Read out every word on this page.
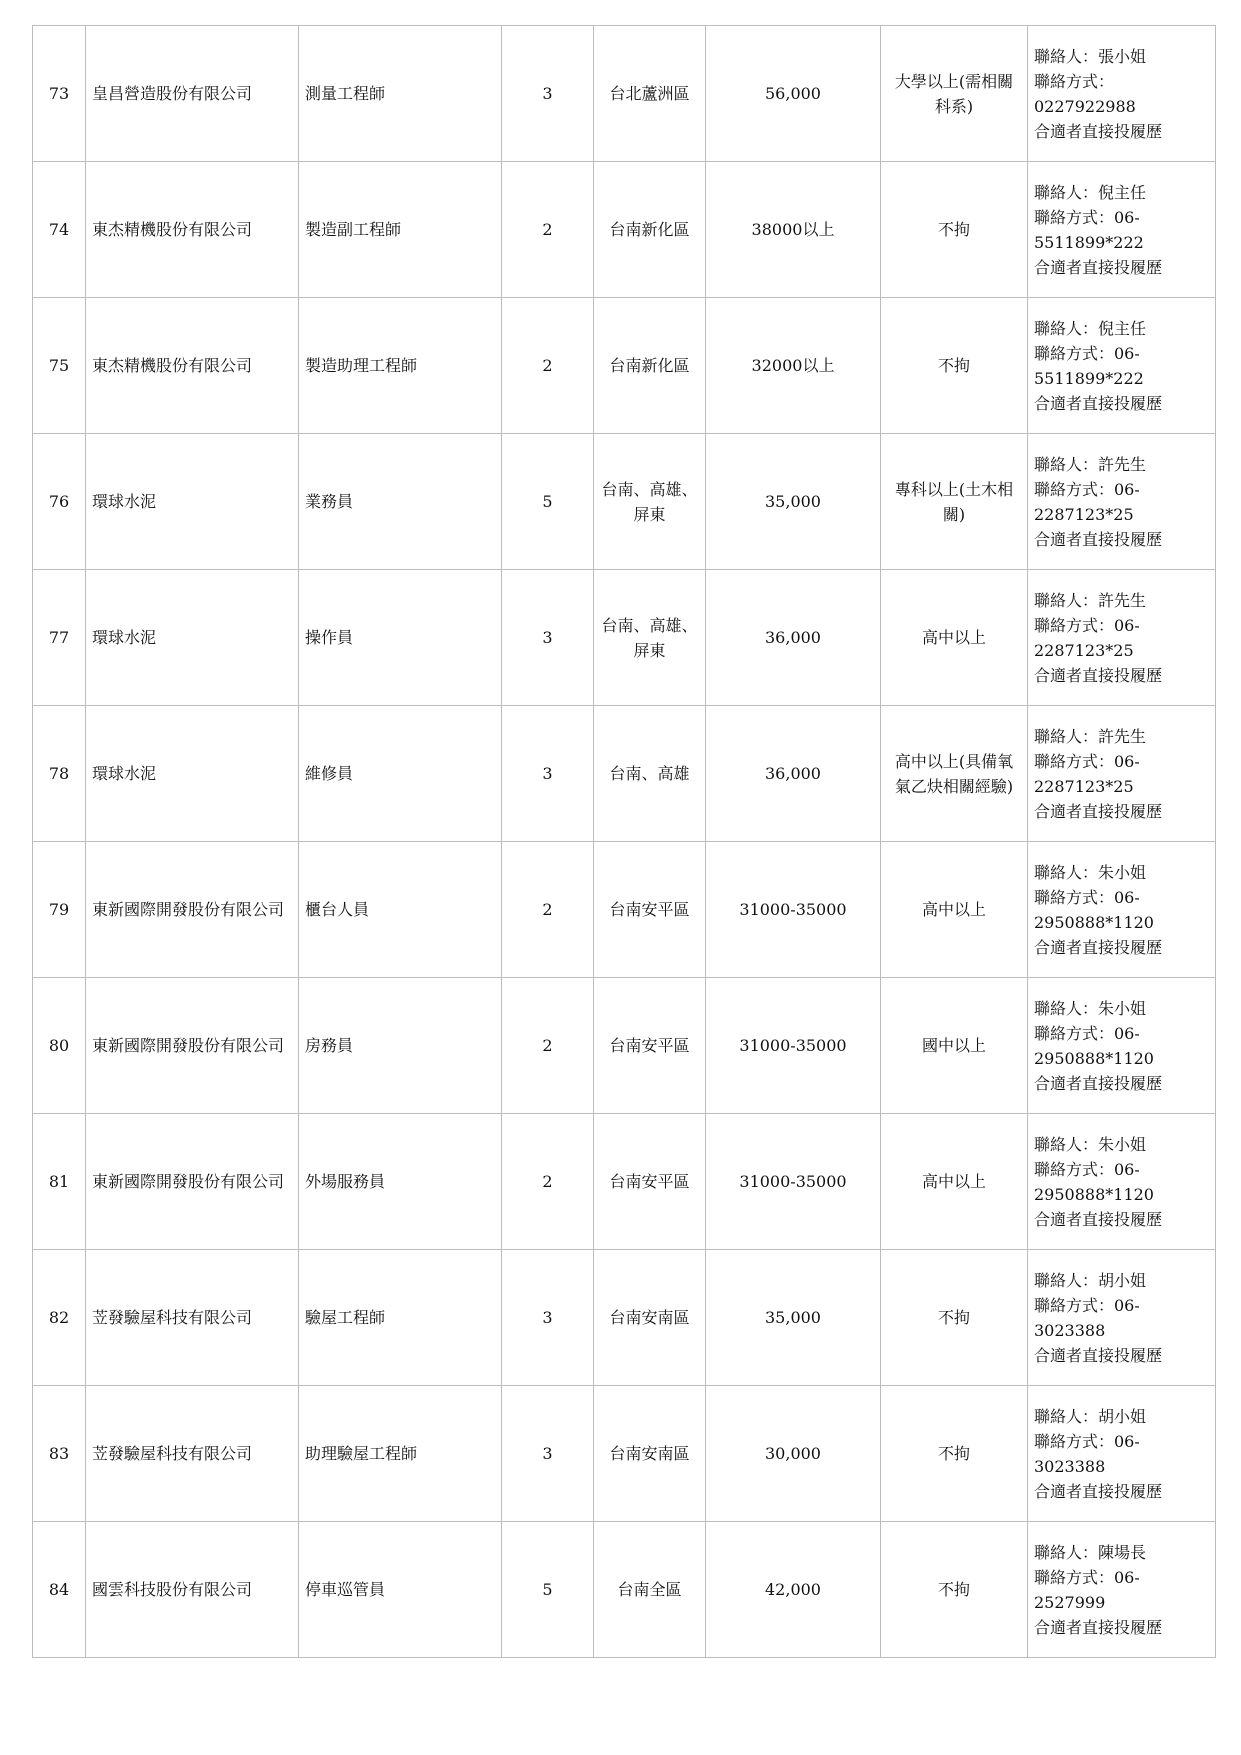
73	皇昌營造股份有限公司	測量工程師	3	台北蘆洲區	56,000	大學以上(需相關科系)	聯絡人：張小姐
聯絡方式：
0227922988
合適者直接投履歷

74	東杰精機股份有限公司	製造副工程師	2	台南新化區	38000以上	不拘	聯絡人：倪主任
聯絡方式：06-
5511899*222
合適者直接投履歷

75	東杰精機股份有限公司	製造助理工程師	2	台南新化區	32000以上	不拘	聯絡人：倪主任
聯絡方式：06-
5511899*222
合適者直接投履歷

76	環球水泥	業務員	5	台南、高雄、屏東	35,000	專科以上(土木相關)	聯絡人：許先生
聯絡方式：06-
2287123*25
合適者直接投履歷

77	環球水泥	操作員	3	台南、高雄、屏東	36,000	高中以上	聯絡人：許先生
聯絡方式：06-
2287123*25
合適者直接投履歷

78	環球水泥	維修員	3	台南、高雄	36,000	高中以上(具備氧氣乙炔相關經驗)	聯絡人：許先生
聯絡方式：06-
2287123*25
合適者直接投履歷

79	東新國際開發股份有限公司	櫃台人員	2	台南安平區	31000-35000	高中以上	聯絡人：朱小姐
聯絡方式：06-
2950888*1120
合適者直接投履歷

80	東新國際開發股份有限公司	房務員	2	台南安平區	31000-35000	國中以上	聯絡人：朱小姐
聯絡方式：06-
2950888*1120
合適者直接投履歷

81	東新國際開發股份有限公司	外場服務員	2	台南安平區	31000-35000	高中以上	聯絡人：朱小姐
聯絡方式：06-
2950888*1120
合適者直接投履歷

82	苙發驗屋科技有限公司	驗屋工程師	3	台南安南區	35,000	不拘	聯絡人：胡小姐
聯絡方式：06-
3023388
合適者直接投履歷

83	苙發驗屋科技有限公司	助理驗屋工程師	3	台南安南區	30,000	不拘	聯絡人：胡小姐
聯絡方式：06-
3023388
合適者直接投履歷

84	國雲科技股份有限公司	停車巡管員	5	台南全區	42,000	不拘	聯絡人：陳場長
聯絡方式：06-
2527999
合適者直接投履歷
